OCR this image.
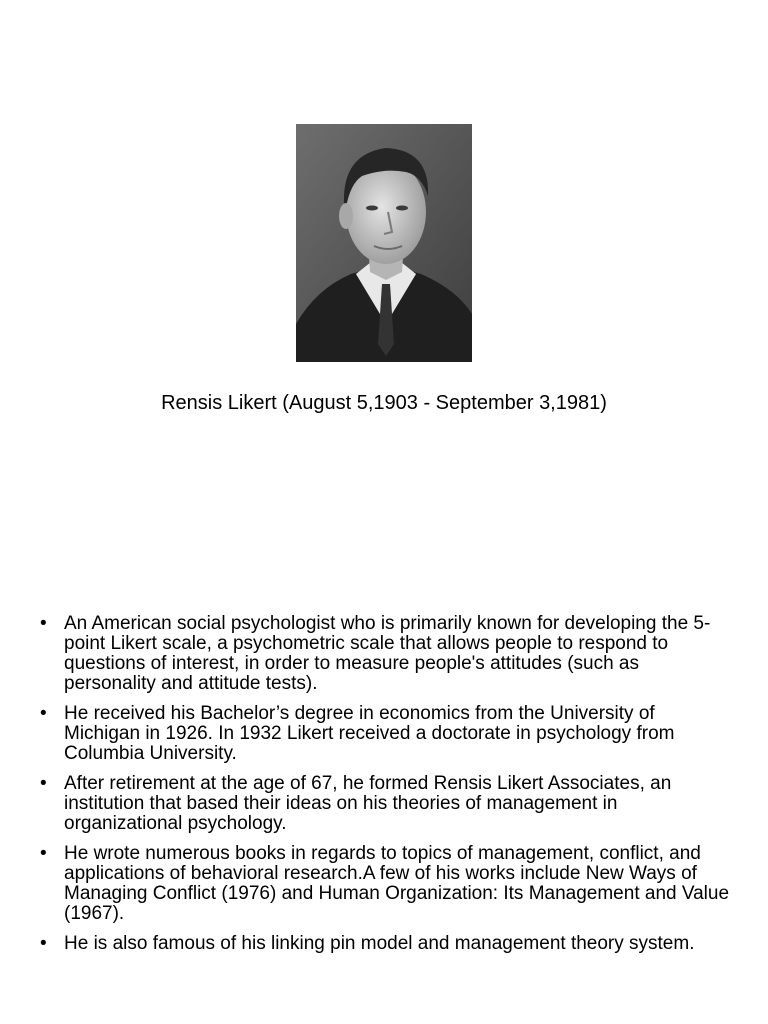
Rensis Likert (August 5,1903 - September 3,1981)
• An American social psychologist who is primarily known for developing the 5-point Likert scale, a psychometric scale that allows people to respond to questions of interest, in order to measure people's attitudes (such as personality and attitude tests).
• He received his Bachelor’s degree in economics from the University of Michigan in 1926. In 1932 Likert received a doctorate in psychology from Columbia University.
• After retirement at the age of 67, he formed Rensis Likert Associates, an institution that based their ideas on his theories of management in organizational psychology.
• He wrote numerous books in regards to topics of management, conflict, and applications of behavioral research.A few of his works include New Ways of Managing Conflict (1976) and Human Organization: Its Management and Value (1967).
• He is also famous of his linking pin model and management theory system.
